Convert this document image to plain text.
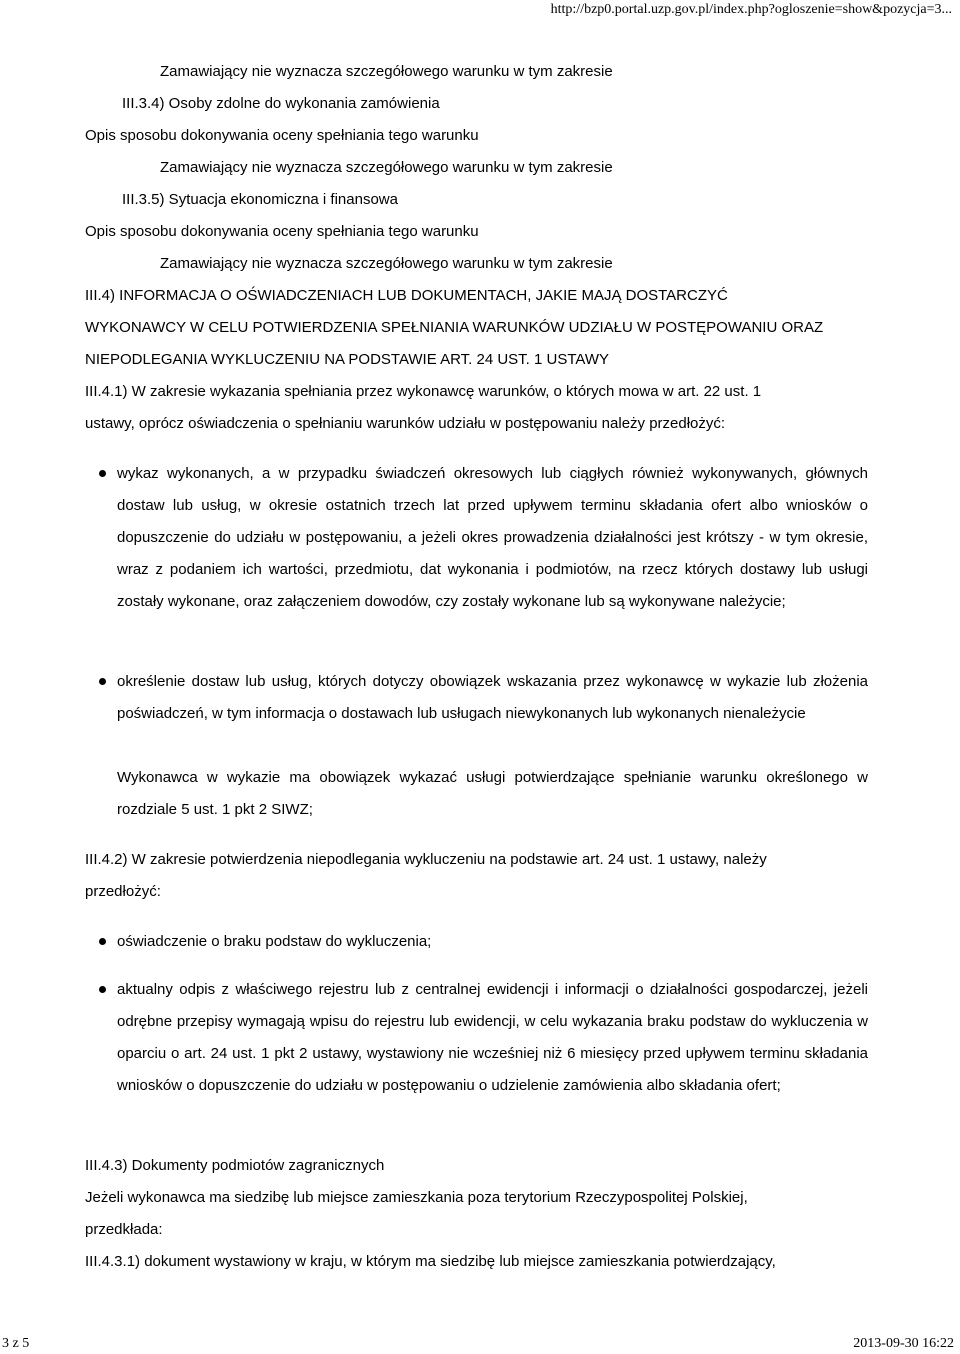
http://bzp0.portal.uzp.gov.pl/index.php?ogloszenie=show&pozycja=3...
Zamawiający nie wyznacza szczegółowego warunku w tym zakresie
III.3.4) Osoby zdolne do wykonania zamówienia
Opis sposobu dokonywania oceny spełniania tego warunku
Zamawiający nie wyznacza szczegółowego warunku w tym zakresie
III.3.5) Sytuacja ekonomiczna i finansowa
Opis sposobu dokonywania oceny spełniania tego warunku
Zamawiający nie wyznacza szczegółowego warunku w tym zakresie
III.4) INFORMACJA O OŚWIADCZENIACH LUB DOKUMENTACH, JAKIE MAJĄ DOSTARCZYĆ
WYKONAWCY W CELU POTWIERDZENIA SPEŁNIANIA WARUNKÓW UDZIAŁU W POSTĘPOWANIU ORAZ
NIEPODLEGANIA WYKLUCZENIU NA PODSTAWIE ART. 24 UST. 1 USTAWY
III.4.1) W zakresie wykazania spełniania przez wykonawcę warunków, o których mowa w art. 22 ust. 1
ustawy, oprócz oświadczenia o spełnianiu warunków udziału w postępowaniu należy przedłożyć:
wykaz wykonanych, a w przypadku świadczeń okresowych lub ciągłych również wykonywanych, głównych dostaw lub usług, w okresie ostatnich trzech lat przed upływem terminu składania ofert albo wniosków o dopuszczenie do udziału w postępowaniu, a jeżeli okres prowadzenia działalności jest krótszy - w tym okresie, wraz z podaniem ich wartości, przedmiotu, dat wykonania i podmiotów, na rzecz których dostawy lub usługi zostały wykonane, oraz załączeniem dowodów, czy zostały wykonane lub są wykonywane należycie;
określenie dostaw lub usług, których dotyczy obowiązek wskazania przez wykonawcę w wykazie lub złożenia poświadczeń, w tym informacja o dostawach lub usługach niewykonanych lub wykonanych nienależycie
Wykonawca w wykazie ma obowiązek wykazać usługi potwierdzające spełnianie warunku określonego w rozdziale 5 ust. 1 pkt 2 SIWZ;
III.4.2) W zakresie potwierdzenia niepodlegania wykluczeniu na podstawie art. 24 ust. 1 ustawy, należy
przedłożyć:
oświadczenie o braku podstaw do wykluczenia;
aktualny odpis z właściwego rejestru lub z centralnej ewidencji i informacji o działalności gospodarczej, jeżeli odrębne przepisy wymagają wpisu do rejestru lub ewidencji, w celu wykazania braku podstaw do wykluczenia w oparciu o art. 24 ust. 1 pkt 2 ustawy, wystawiony nie wcześniej niż 6 miesięcy przed upływem terminu składania wniosków o dopuszczenie do udziału w postępowaniu o udzielenie zamówienia albo składania ofert;
III.4.3) Dokumenty podmiotów zagranicznych
Jeżeli wykonawca ma siedzibę lub miejsce zamieszkania poza terytorium Rzeczypospolitej Polskiej,
przedkłada:
III.4.3.1) dokument wystawiony w kraju, w którym ma siedzibę lub miejsce zamieszkania potwierdzający,
3 z 5	2013-09-30 16:22
